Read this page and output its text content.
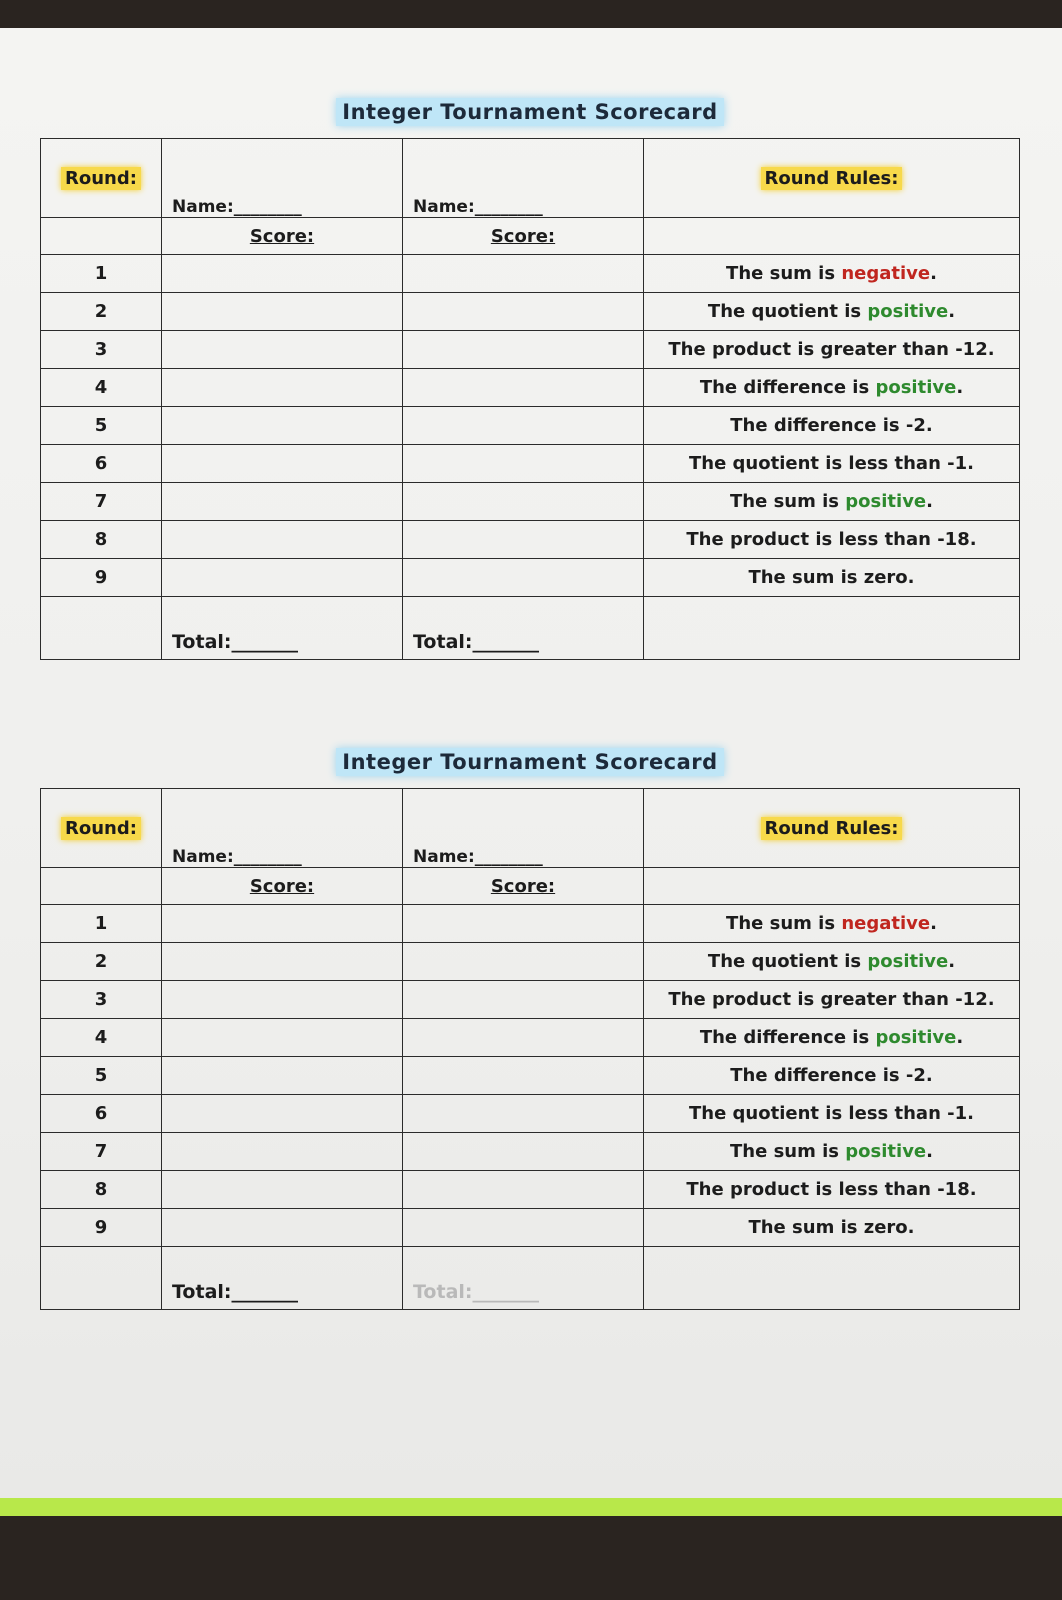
Integer Tournament Scorecard
Round:	Name:________	Name:________	Round Rules:
	Score:	Score:	
1			The sum is negative.
2			The quotient is positive.
3			The product is greater than -12.
4			The difference is positive.
5			The difference is -2.
6			The quotient is less than -1.
7			The sum is positive.
8			The product is less than -18.
9			The sum is zero.
	Total:_______	Total:_______	
Integer Tournament Scorecard
Round:	Name:________	Name:________	Round Rules:
	Score:	Score:	
1			The sum is negative.
2			The quotient is positive.
3			The product is greater than -12.
4			The difference is positive.
5			The difference is -2.
6			The quotient is less than -1.
7			The sum is positive.
8			The product is less than -18.
9			The sum is zero.
	Total:_______	Total:_______	
